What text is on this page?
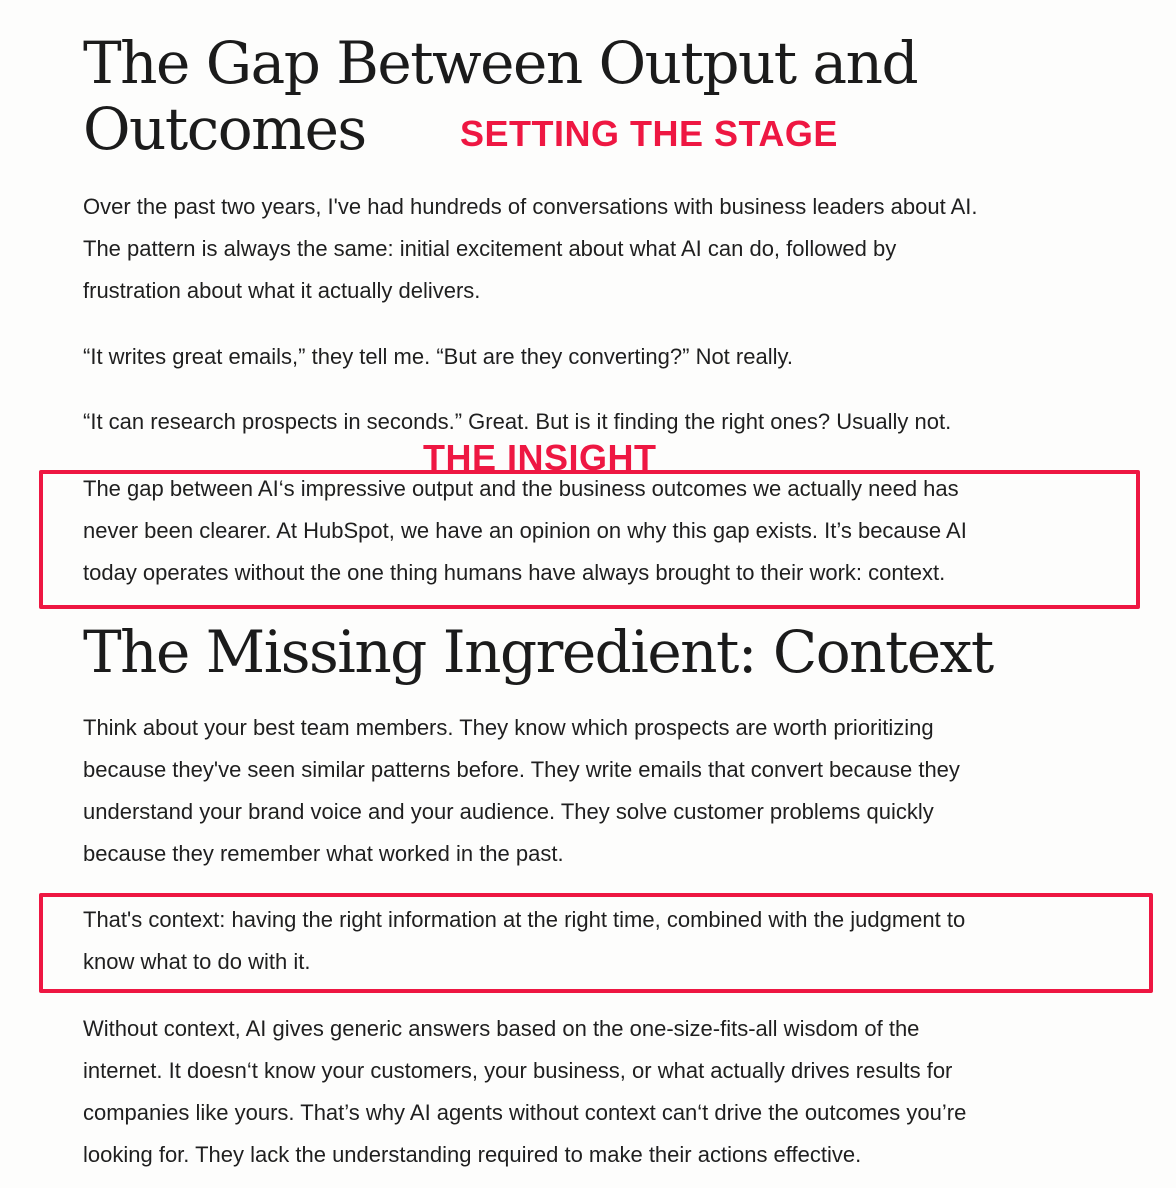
The Gap Between Output and
Outcomes	SETTING THE STAGE

Over the past two years, I've had hundreds of conversations with business leaders about AI.
The pattern is always the same: initial excitement about what AI can do, followed by
frustration about what it actually delivers.

“It writes great emails,” they tell me. “But are they converting?” Not really.

“It can research prospects in seconds.” Great. But is it finding the right ones? Usually not.

THE INSIGHT

The gap between AI‘s impressive output and the business outcomes we actually need has
never been clearer. At HubSpot, we have an opinion on why this gap exists. It’s because AI
today operates without the one thing humans have always brought to their work: context.

The Missing Ingredient: Context

Think about your best team members. They know which prospects are worth prioritizing
because they've seen similar patterns before. They write emails that convert because they
understand your brand voice and your audience. They solve customer problems quickly
because they remember what worked in the past.

That's context: having the right information at the right time, combined with the judgment to
know what to do with it.

Without context, AI gives generic answers based on the one-size-fits-all wisdom of the
internet. It doesn‘t know your customers, your business, or what actually drives results for
companies like yours. That’s why AI agents without context can‘t drive the outcomes you’re
looking for. They lack the understanding required to make their actions effective.
